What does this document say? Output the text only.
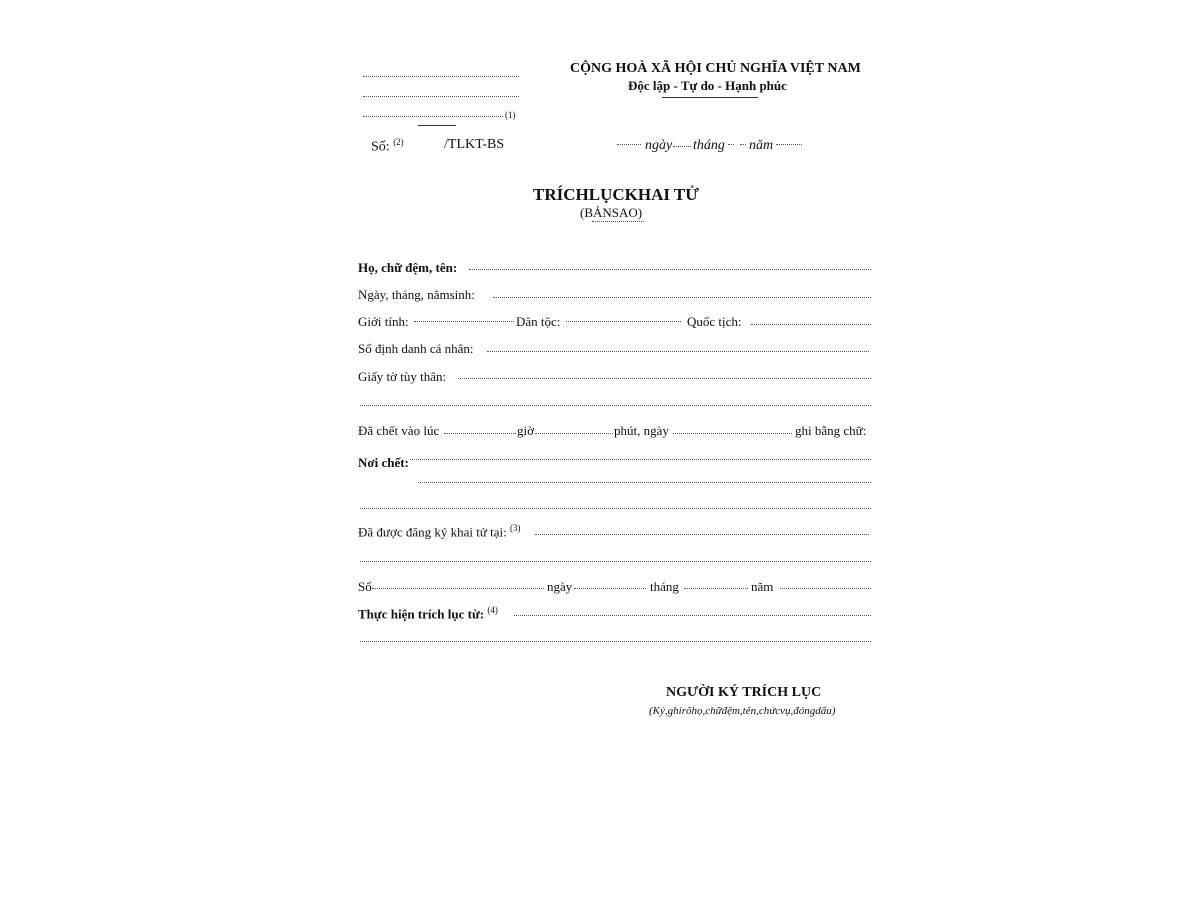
(1)
Số: $^{(2)}$	/TLKT-BS
CỘNG HOÀ XÃ HỘI CHỦ NGHĨA VIỆT NAM
Độc lập - Tự do - Hạnh phúc
ngày tháng năm
TRÍCHLỤCKHAI TỬ
(BẢNSAO)
Họ, chữ đệm, tên:
Ngày, tháng, nămsinh:
Giới tính:	Dân tộc:	Quốc tịch:
Số định danh cá nhân:
Giấy tờ tùy thân:
Đã chết vào lúc	giờ	phút, ngày	ghi bằng chữ:
Nơi chết:
Đã được đăng ký khai tử tại: $^{(3)}$
Số	ngày	tháng	năm
Thực hiện trích lục từ: $^{(4)}$
NGƯỜI KÝ TRÍCH LỤC
(Ký,ghirõhọ,chữđệm,tên,chứcvụ,đóngdấu)
